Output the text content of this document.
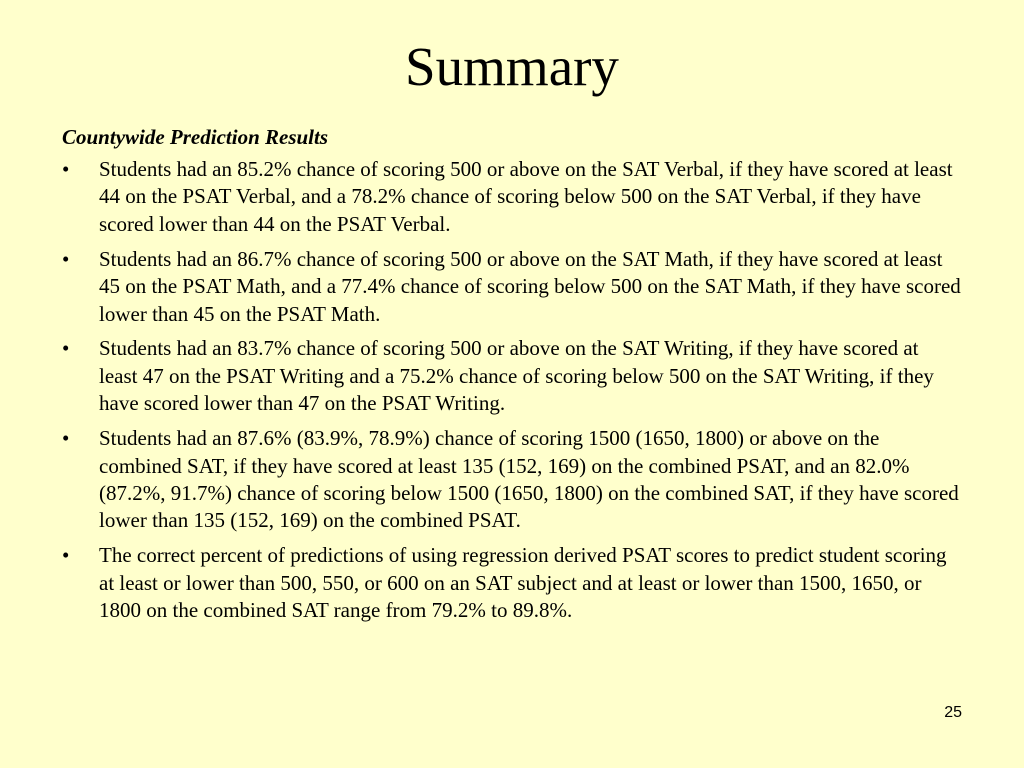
Summary
Countywide Prediction Results
• Students had an 85.2% chance of scoring 500 or above on the SAT Verbal, if they have scored at least 44 on the PSAT Verbal, and a 78.2% chance of scoring below 500 on the SAT Verbal, if they have scored lower than 44 on the PSAT Verbal.
• Students had an 86.7% chance of scoring 500 or above on the SAT Math, if they have scored at least 45 on the PSAT Math, and a 77.4% chance of scoring below 500 on the SAT Math, if they have scored lower than 45 on the PSAT Math.
• Students had an 83.7% chance of scoring 500 or above on the SAT Writing, if they have scored at least 47 on the PSAT Writing and a 75.2% chance of scoring below 500 on the SAT Writing, if they have scored lower than 47 on the PSAT Writing.
• Students had an 87.6% (83.9%, 78.9%) chance of scoring 1500 (1650, 1800) or above on the combined SAT, if they have scored at least 135 (152, 169) on the combined PSAT, and an 82.0% (87.2%, 91.7%) chance of scoring below 1500 (1650, 1800) on the combined SAT, if they have scored lower than 135 (152, 169) on the combined PSAT.
• The correct percent of predictions of using regression derived PSAT scores to predict student scoring at least or lower than 500, 550, or 600 on an SAT subject and at least or lower than 1500, 1650, or 1800 on the combined SAT range from 79.2% to 89.8%.
25
